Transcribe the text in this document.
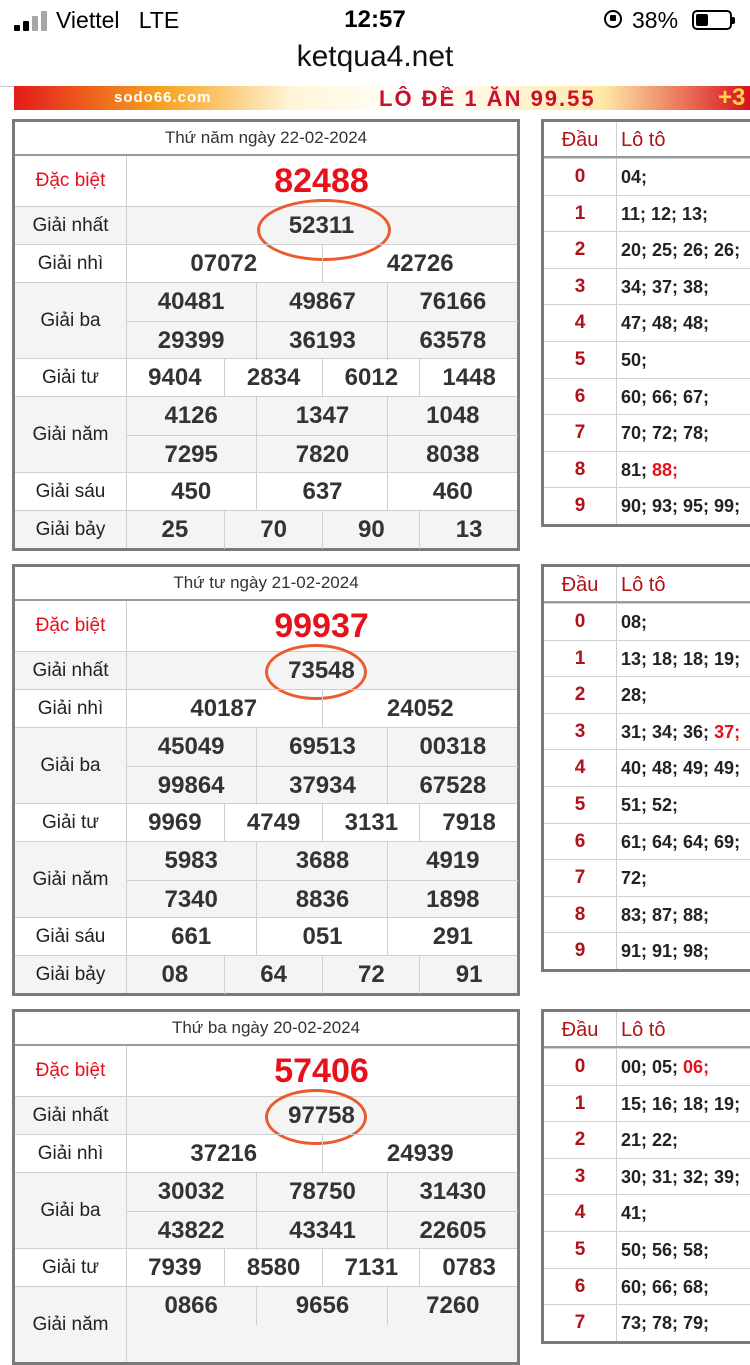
Viettel LTE	12:57	38%
ketqua4.net
sodo66.com	LÔ ĐỀ 1 ĂN 99.55	+3
Thứ năm ngày 22-02-2024
Đặc biệt	82488
Giải nhất	52311
Giải nhì	07072	42726
Giải ba
40481	49867	76166
29399	36193	63578
Giải tư	9404	2834	6012	1448
Giải năm
4126	1347	1048
7295	7820	8038
Giải sáu	450	637	460
Giải bảy	25	70	90	13
Đầu	Lô tô
0	04;
1	11; 12; 13;
2	20; 25; 26; 26;
3	34; 37; 38;
4	47; 48; 48;
5	50;
6	60; 66; 67;
7	70; 72; 78;
8	81; 88;
9	90; 93; 95; 99;
Thứ tư ngày 21-02-2024
Đặc biệt	99937
Giải nhất	73548
Giải nhì	40187	24052
Giải ba
45049	69513	00318
99864	37934	67528
Giải tư	9969	4749	3131	7918
Giải năm
5983	3688	4919
7340	8836	1898
Giải sáu	661	051	291
Giải bảy	08	64	72	91
Đầu	Lô tô
0	08;
1	13; 18; 18; 19;
2	28;
3	31; 34; 36; 37;
4	40; 48; 49; 49;
5	51; 52;
6	61; 64; 64; 69;
7	72;
8	83; 87; 88;
9	91; 91; 98;
Thứ ba ngày 20-02-2024
Đặc biệt	57406
Giải nhất	97758
Giải nhì	37216	24939
Giải ba
30032	78750	31430
43822	43341	22605
Giải tư	7939	8580	7131	0783
Giải năm
0866	9656	7260
Đầu	Lô tô
0	00; 05; 06;
1	15; 16; 18; 19;
2	21; 22;
3	30; 31; 32; 39;
4	41;
5	50; 56; 58;
6	60; 66; 68;
7	73; 78; 79;
